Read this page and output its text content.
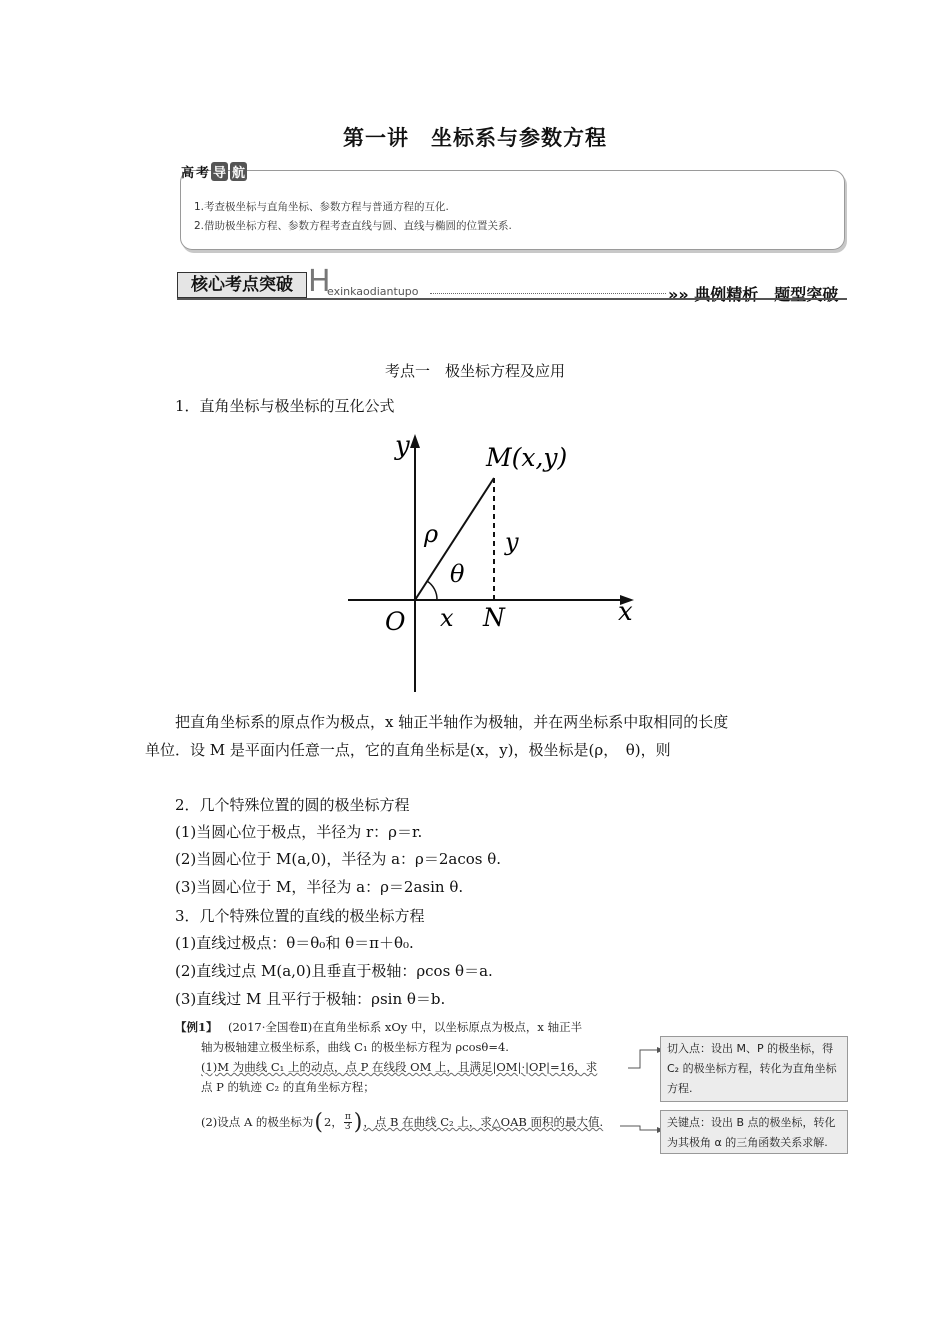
第一讲　坐标系与参数方程
高 考 导 航
1.考查极坐标与直角坐标、参数方程与普通方程的互化.
2.借助极坐标方程、参数方程考查直线与圆、直线与椭圆的位置关系.
核心考点突破 H
exinkaodiantupo	»» 典例精析　题型突破
考点一　极坐标方程及应用
1．直角坐标与极坐标的互化公式
y
x
M(x,y)
ρ
θ
y
O x N
把直角坐标系的原点作为极点，x 轴正半轴作为极轴，并在两坐标系中取相同的长度
单位．设 M 是平面内任意一点，它的直角坐标是(x，y)，极坐标是(ρ，　θ)，则
2．几个特殊位置的圆的极坐标方程
(1)当圆心位于极点，半径为 r：ρ＝r.
(2)当圆心位于 M(a,0)，半径为 a：ρ＝2acos θ.
(3)当圆心位于 M，半径为 a：ρ＝2asin θ.
3．几个特殊位置的直线的极坐标方程
(1)直线过极点：θ＝θ₀和 θ＝π＋θ₀.
(2)直线过点 M(a,0)且垂直于极轴：ρcos θ＝a.
(3)直线过 M 且平行于极轴：ρsin θ＝b.
【例1】 (2017·全国卷Ⅱ)在直角坐标系 xOy 中，以坐标原点为极点，x 轴正半
轴为极轴建立极坐标系，曲线 C₁ 的极坐标方程为 ρcosθ=4.
(1)M 为曲线 C₁ 上的动点，点 P 在线段 OM 上，且满足|OM|·|OP|=16，求
点 P 的轨迹 C₂ 的直角坐标方程；
(2)设点 A 的极坐标为 ( 2， $\frac{\pi}{3}$ ) ，点 B 在曲线 C₂ 上，求△OAB 面积的最大值.
切入点：设出 M、P 的极坐标，得 C₂ 的极坐标方程，转化为直角坐标方程.
关键点：设出 B 点的极坐标，转化为其极角 α 的三角函数关系求解.
